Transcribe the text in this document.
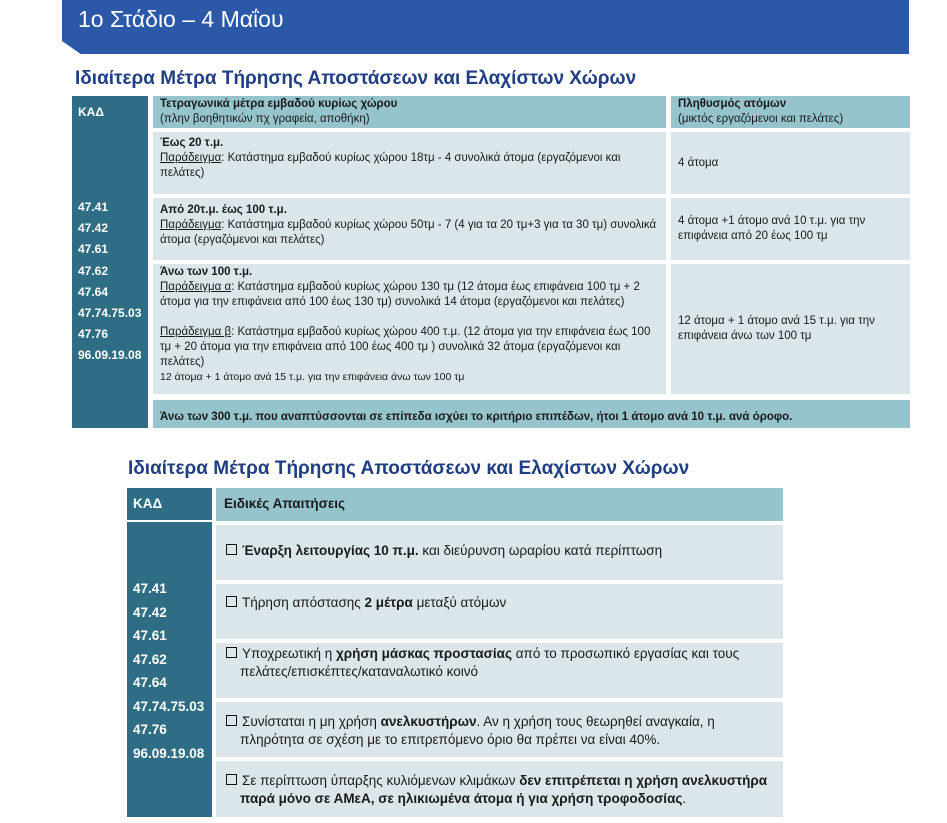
1ο Στάδιο – 4 Μαΐου
Ιδιαίτερα Μέτρα Τήρησης Αποστάσεων και Ελαχίστων Χώρων
ΚΑΔ
47.41
47.42
47.61
47.62
47.64
47.74.75.03
47.76
96.09.19.08
Τετραγωνικά μέτρα εμβαδού κυρίως χώρου
(πλην βοηθητικών πχ γραφεία, αποθήκη)
Πληθυσμός ατόμων
(μικτός εργαζόμενοι και πελάτες)
Έως 20 τ.μ.
Παράδειγμα: Κατάστημα εμβαδού κυρίως χώρου 18τμ - 4 συνολικά άτομα (εργαζόμενοι και πελάτες)
4 άτομα
Από 20τ.μ. έως 100 τ.μ.
Παράδειγμα: Κατάστημα εμβαδού κυρίως χώρου 50τμ - 7 (4 για τα 20 τμ+3 για τα 30 τμ) συνολικά άτομα (εργαζόμενοι και πελάτες)
4 άτομα +1 άτομο ανά 10 τ.μ. για την επιφάνεια από 20 έως 100 τμ
Άνω των 100 τ.μ.
Παράδειγμα α: Κατάστημα εμβαδού κυρίως χώρου 130 τμ (12 άτομα έως επιφάνεια 100 τμ + 2 άτομα για την επιφάνεια από 100 έως 130 τμ) συνολικά 14 άτομα (εργαζόμενοι και πελάτες)
Παράδειγμα β: Κατάστημα εμβαδού κυρίως χώρου 400 τ.μ. (12 άτομα για την επιφάνεια έως 100 τμ + 20 άτομα για την επιφάνεια από 100 έως 400 τμ ) συνολικά 32 άτομα (εργαζόμενοι και πελάτες)
12 άτομα + 1 άτομο ανά 15 τ.μ. για την επιφάνεια άνω των 100 τμ
12 άτομα + 1 άτομο ανά 15 τ.μ. για την επιφάνεια άνω των 100 τμ
Άνω των 300 τ.μ. που αναπτύσσονται σε επίπεδα ισχύει το κριτήριο επιπέδων, ήτοι 1 άτομο ανά 10 τ.μ. ανά όροφο.
Ιδιαίτερα Μέτρα Τήρησης Αποστάσεων και Ελαχίστων Χώρων
ΚΑΔ
47.41
47.42
47.61
47.62
47.64
47.74.75.03
47.76
96.09.19.08
Ειδικές Απαιτήσεις
Έναρξη λειτουργίας 10 π.μ. και διεύρυνση ωραρίου κατά περίπτωση
Τήρηση απόστασης 2 μέτρα μεταξύ ατόμων
Υποχρεωτική η χρήση μάσκας προστασίας από το προσωπικό εργασίας και τους πελάτες/επισκέπτες/καταναλωτικό κοινό
Συνίσταται η μη χρήση ανελκυστήρων. Αν η χρήση τους θεωρηθεί αναγκαία, η πληρότητα σε σχέση με το επιτρεπόμενο όριο θα πρέπει να είναι 40%.
Σε περίπτωση ύπαρξης κυλιόμενων κλιμάκων δεν επιτρέπεται η χρήση ανελκυστήρα παρά μόνο σε ΑΜεΑ, σε ηλικιωμένα άτομα ή για χρήση τροφοδοσίας.
